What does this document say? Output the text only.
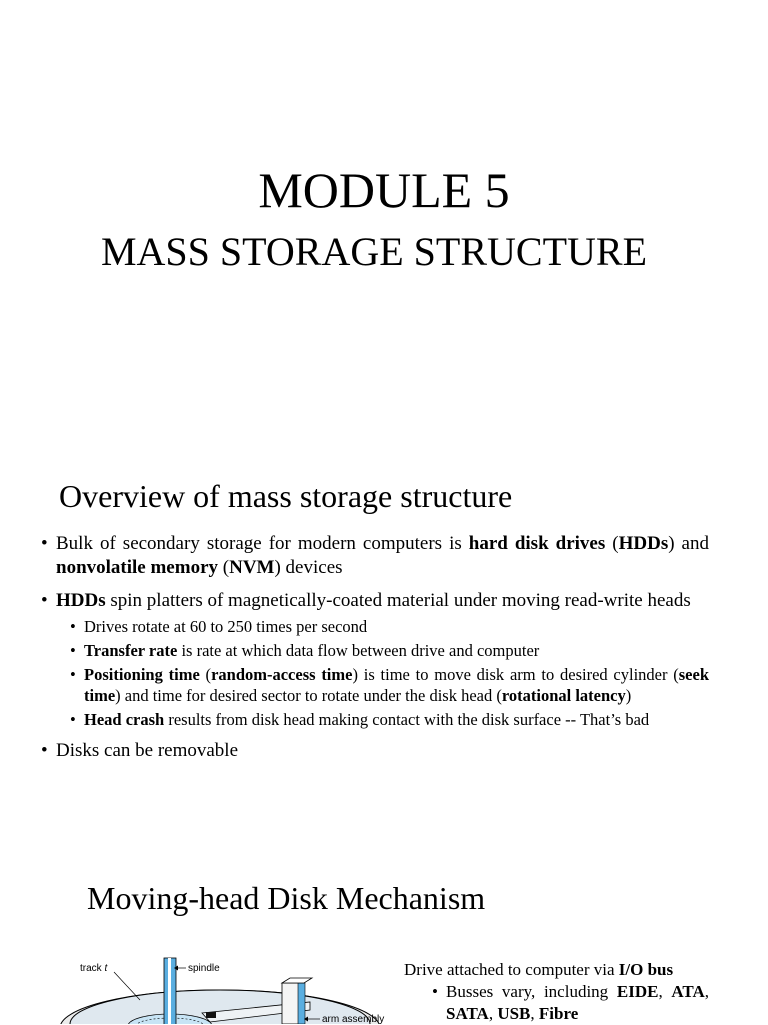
MODULE 5
MASS STORAGE STRUCTURE
Overview of mass storage structure
• Bulk of secondary storage for modern computers is hard disk drives (HDDs) and nonvolatile memory (NVM) devices
• HDDs spin platters of magnetically-coated material under moving read-write heads
• Drives rotate at 60 to 250 times per second
• Transfer rate is rate at which data flow between drive and computer
• Positioning time (random-access time) is time to move disk arm to desired cylinder (seek time) and time for desired sector to rotate under the disk head (rotational latency)
• Head crash results from disk head making contact with the disk surface -- That’s bad
• Disks can be removable
Moving-head Disk Mechanism
track t	spindle
arm assembly
Drive attached to computer via I/O bus
• Busses vary, including EIDE, ATA, SATA, USB, Fibre
